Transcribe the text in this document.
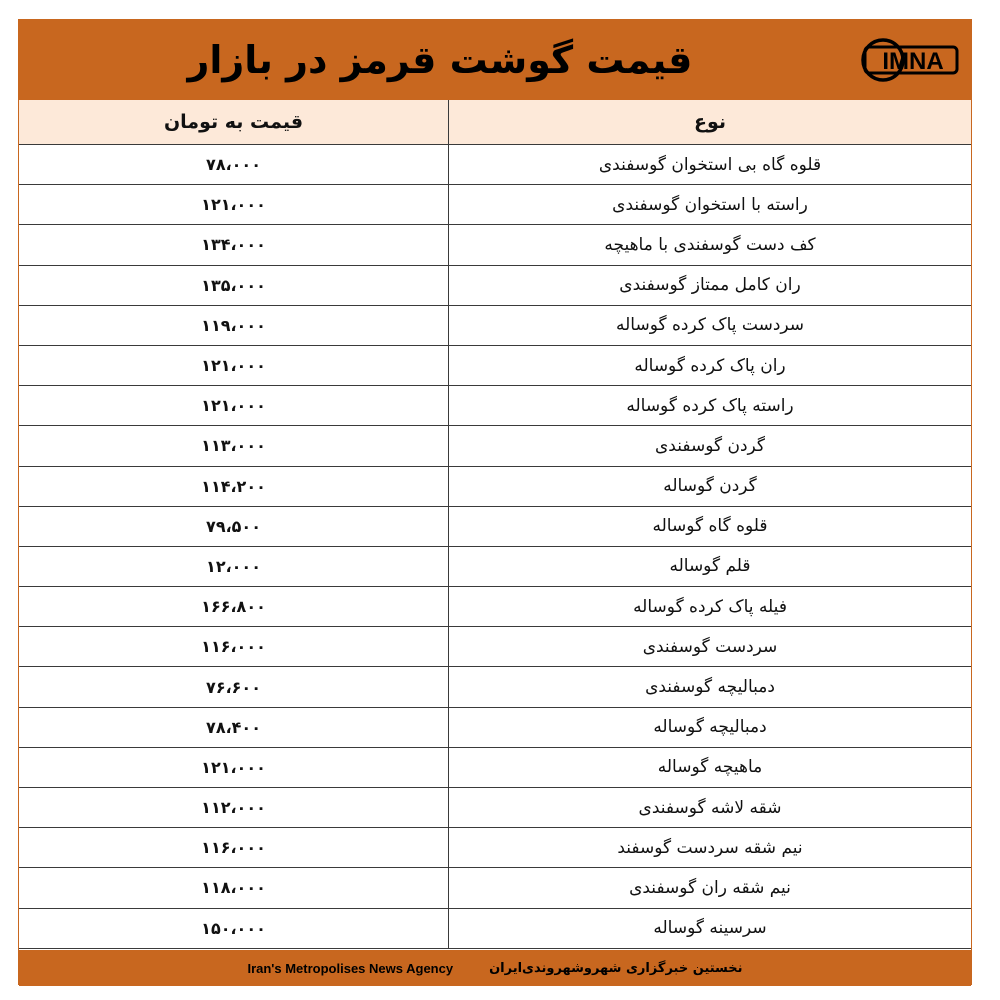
قیمت گوشت قرمز در بازار	IMNA
قیمت به تومان	نوع
۷۸،۰۰۰	قلوه گاه بی استخوان گوسفندی
۱۲۱،۰۰۰	راسته با استخوان گوسفندی
۱۳۴،۰۰۰	کف دست گوسفندی با ماهیچه
۱۳۵،۰۰۰	ران کامل ممتاز گوسفندی
۱۱۹،۰۰۰	سردست پاک کرده گوساله
۱۲۱،۰۰۰	ران پاک کرده گوساله
۱۲۱،۰۰۰	راسته پاک کرده گوساله
۱۱۳،۰۰۰	گردن گوسفندی
۱۱۴،۲۰۰	گردن گوساله
۷۹،۵۰۰	قلوه گاه گوساله
۱۲،۰۰۰	قلم گوساله
۱۶۶،۸۰۰	فیله پاک کرده گوساله
۱۱۶،۰۰۰	سردست گوسفندی
۷۶،۶۰۰	دمبالیچه گوسفندی
۷۸،۴۰۰	دمبالیچه گوساله
۱۲۱،۰۰۰	ماهیچه گوساله
۱۱۲،۰۰۰	شقه لاشه گوسفندی
۱۱۶،۰۰۰	نیم شقه سردست گوسفند
۱۱۸،۰۰۰	نیم شقه ران گوسفندی
۱۵۰،۰۰۰	سرسینه گوساله
Iran's Metropolises News Agency	نخستین خبرگزاری شهروشهروندی‌ایران
